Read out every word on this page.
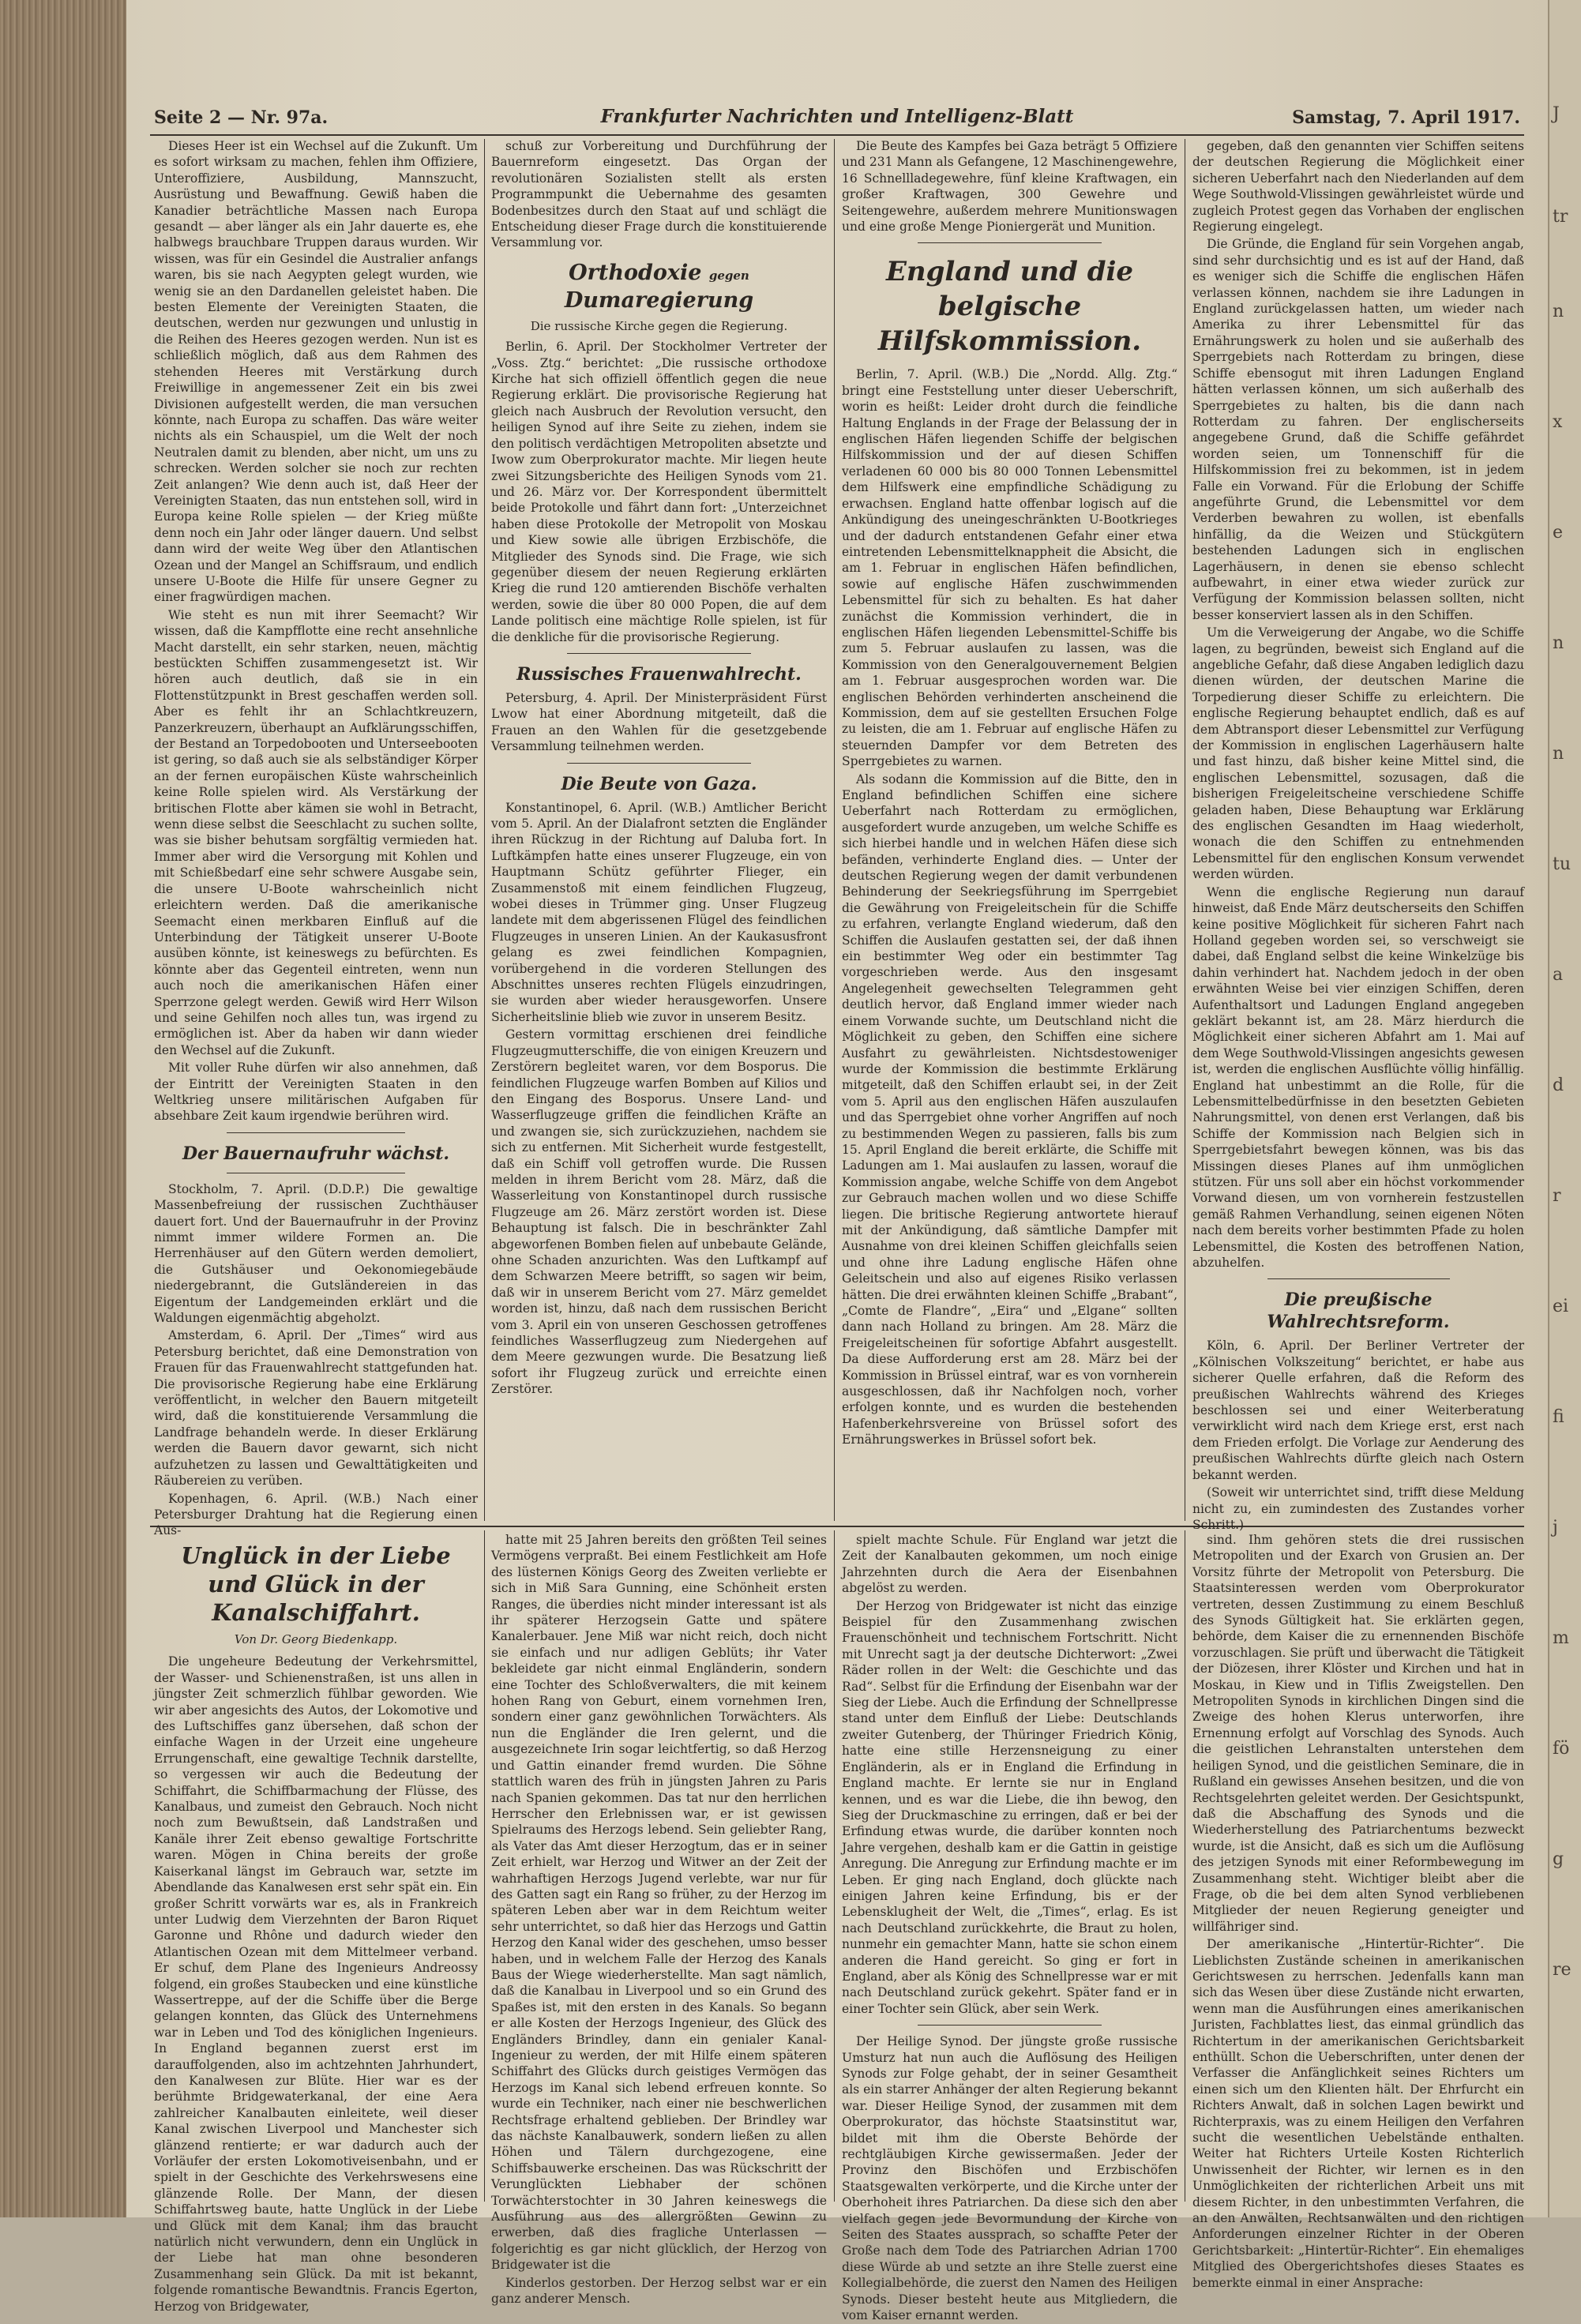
J
tr
n
x
e
n
n
tu
a
d
r
ei
fi
j
m
fö
g
re
Seite 2 — Nr. 97a.	Frankfurter Nachrichten und Intelligenz-Blatt	Samstag, 7. April 1917.

Dieses Heer ist ein Wechsel auf die Zukunft. Um es sofort wirksam zu machen, fehlen ihm Offiziere, Unteroffiziere, Ausbildung, Mannszucht, Ausrüstung und Bewaffnung. Gewiß haben die Kanadier beträchtliche Massen nach Europa gesandt — aber länger als ein Jahr dauerte es, ehe halbwegs brauchbare Truppen daraus wurden. Wir wissen, was für ein Gesindel die Australier anfangs waren, bis sie nach Aegypten gelegt wurden, wie wenig sie an den Dardanellen geleistet haben. Die besten Elemente der Vereinigten Staaten, die deutschen, werden nur gezwungen und unlustig in die Reihen des Heeres gezogen werden. Nun ist es schließlich möglich, daß aus dem Rahmen des stehenden Heeres mit Verstärkung durch Freiwillige in angemessener Zeit ein bis zwei Divisionen aufgestellt werden, die man versuchen könnte, nach Europa zu schaffen. Das wäre weiter nichts als ein Schauspiel, um die Welt der noch Neutralen damit zu blenden, aber nicht, um uns zu schrecken. Werden solcher sie noch zur rechten Zeit anlangen? Wie denn auch ist, daß Heer der Vereinigten Staaten, das nun entstehen soll, wird in Europa keine Rolle spielen — der Krieg müßte denn noch ein Jahr oder länger dauern. Und selbst dann wird der weite Weg über den Atlantischen Ozean und der Mangel an Schiffsraum, und endlich unsere U-Boote die Hilfe für unsere Gegner zu einer fragwürdigen machen.

Wie steht es nun mit ihrer Seemacht? Wir wissen, daß die Kampfflotte eine recht ansehnliche Macht darstellt, ein sehr starken, neuen, mächtig bestückten Schiffen zusammengesetzt ist. Wir hören auch deutlich, daß sie in ein Flottenstützpunkt in Brest geschaffen werden soll. Aber es fehlt ihr an Schlachtkreuzern, Panzerkreuzern, überhaupt an Aufklärungsschiffen, der Bestand an Torpedobooten und Unterseebooten ist gering, so daß auch sie als selbständiger Körper an der fernen europäischen Küste wahrscheinlich keine Rolle spielen wird. Als Verstärkung der britischen Flotte aber kämen sie wohl in Betracht, wenn diese selbst die Seeschlacht zu suchen sollte, was sie bisher behutsam sorgfältig vermieden hat. Immer aber wird die Versorgung mit Kohlen und mit Schießbedarf eine sehr schwere Ausgabe sein, die unsere U-Boote wahrscheinlich nicht erleichtern werden. Daß die amerikanische Seemacht einen merkbaren Einfluß auf die Unterbindung der Tätigkeit unserer U-Boote ausüben könnte, ist keineswegs zu befürchten. Es könnte aber das Gegenteil eintreten, wenn nun auch noch die amerikanischen Häfen einer Sperrzone gelegt werden. Gewiß wird Herr Wilson und seine Gehilfen noch alles tun, was irgend zu ermöglichen ist. Aber da haben wir dann wieder den Wechsel auf die Zukunft.

Mit voller Ruhe dürfen wir also annehmen, daß der Eintritt der Vereinigten Staaten in den Weltkrieg unsere militärischen Aufgaben für absehbare Zeit kaum irgendwie berühren wird.

Der Bauernaufruhr wächst.

Stockholm, 7. April. (D.D.P.) Die gewaltige Massenbefreiung der russischen Zuchthäuser dauert fort. Und der Bauernaufruhr in der Provinz nimmt immer wildere Formen an. Die Herrenhäuser auf den Gütern werden demoliert, die Gutshäuser und Oekonomiegebäude niedergebrannt, die Gutsländereien in das Eigentum der Landgemeinden erklärt und die Waldungen eigenmächtig abgeholzt.

Amsterdam, 6. April. Der „Times“ wird aus Petersburg berichtet, daß eine Demonstration von Frauen für das Frauenwahlrecht stattgefunden hat. Die provisorische Regierung habe eine Erklärung veröffentlicht, in welcher den Bauern mitgeteilt wird, daß die konstituierende Versammlung die Landfrage behandeln werde. In dieser Erklärung werden die Bauern davor gewarnt, sich nicht aufzuhetzen zu lassen und Gewalttätigkeiten und Räubereien zu verüben.

Kopenhagen, 6. April. (W.B.) Nach einer Petersburger Drahtung hat die Regierung einen Aus-

schuß zur Vorbereitung und Durchführung der Bauernreform eingesetzt. Das Organ der revolutionären Sozialisten stellt als ersten Programmpunkt die Uebernahme des gesamten Bodenbesitzes durch den Staat auf und schlägt die Entscheidung dieser Frage durch die konstituierende Versammlung vor.

Orthodoxie gegen Dumaregierung
Die russische Kirche gegen die Regierung.

Berlin, 6. April. Der Stockholmer Vertreter der „Voss. Ztg.“ berichtet: „Die russische orthodoxe Kirche hat sich offiziell öffentlich gegen die neue Regierung erklärt. Die provisorische Regierung hat gleich nach Ausbruch der Revolution versucht, den heiligen Synod auf ihre Seite zu ziehen, indem sie den politisch verdächtigen Metropoliten absetzte und Iwow zum Oberprokurator machte. Mir liegen heute zwei Sitzungsberichte des Heiligen Synods vom 21. und 26. März vor. Der Korrespondent übermittelt beide Protokolle und fährt dann fort: „Unterzeichnet haben diese Protokolle der Metropolit von Moskau und Kiew sowie alle übrigen Erzbischöfe, die Mitglieder des Synods sind. Die Frage, wie sich gegenüber diesem der neuen Regierung erklärten Krieg die rund 120 amtierenden Bischöfe verhalten werden, sowie die über 80 000 Popen, die auf dem Lande politisch eine mächtige Rolle spielen, ist für die denkliche für die provisorische Regierung.

Russisches Frauenwahlrecht.

Petersburg, 4. April. Der Ministerpräsident Fürst Lwow hat einer Abordnung mitgeteilt, daß die Frauen an den Wahlen für die gesetzgebende Versammlung teilnehmen werden.

Die Beute von Gaza.

Konstantinopel, 6. April. (W.B.) Amtlicher Bericht vom 5. April. An der Dialafront setzten die Engländer ihren Rückzug in der Richtung auf Daluba fort. In Luftkämpfen hatte eines unserer Flugzeuge, ein von Hauptmann Schütz geführter Flieger, ein Zusammenstoß mit einem feindlichen Flugzeug, wobei dieses in Trümmer ging. Unser Flugzeug landete mit dem abgerissenen Flügel des feindlichen Flugzeuges in unseren Linien. An der Kaukasusfront gelang es zwei feindlichen Kompagnien, vorübergehend in die vorderen Stellungen des Abschnittes unseres rechten Flügels einzudringen, sie wurden aber wieder herausgeworfen. Unsere Sicherheitslinie blieb wie zuvor in unserem Besitz.

Gestern vormittag erschienen drei feindliche Flugzeugmutterschiffe, die von einigen Kreuzern und Zerstörern begleitet waren, vor dem Bosporus. Die feindlichen Flugzeuge warfen Bomben auf Kilios und den Eingang des Bosporus. Unsere Land- und Wasserflugzeuge griffen die feindlichen Kräfte an und zwangen sie, sich zurückzuziehen, nachdem sie sich zu entfernen. Mit Sicherheit wurde festgestellt, daß ein Schiff voll getroffen wurde. Die Russen melden in ihrem Bericht vom 28. März, daß die Wasserleitung von Konstantinopel durch russische Flugzeuge am 26. März zerstört worden ist. Diese Behauptung ist falsch. Die in beschränkter Zahl abgeworfenen Bomben fielen auf unbebaute Gelände, ohne Schaden anzurichten. Was den Luftkampf auf dem Schwarzen Meere betrifft, so sagen wir beim, daß wir in unserem Bericht vom 27. März gemeldet worden ist, hinzu, daß nach dem russischen Bericht vom 3. April ein von unseren Geschossen getroffenes feindliches Wasserflugzeug zum Niedergehen auf dem Meere gezwungen wurde. Die Besatzung ließ sofort ihr Flugzeug zurück und erreichte einen Zerstörer.

Die Beute des Kampfes bei Gaza beträgt 5 Offiziere und 231 Mann als Gefangene, 12 Maschinengewehre, 16 Schnellladegewehre, fünf kleine Kraftwagen, ein großer Kraftwagen, 300 Gewehre und Seitengewehre, außerdem mehrere Munitionswagen und eine große Menge Pioniergerät und Munition.

England und die belgische Hilfskommission.

Berlin, 7. April. (W.B.) Die „Nordd. Allg. Ztg.“ bringt eine Feststellung unter dieser Ueberschrift, worin es heißt: Leider droht durch die feindliche Haltung Englands in der Frage der Belassung der in englischen Häfen liegenden Schiffe der belgischen Hilfskommission und der auf diesen Schiffen verladenen 60 000 bis 80 000 Tonnen Lebensmittel dem Hilfswerk eine empfindliche Schädigung zu erwachsen. England hatte offenbar logisch auf die Ankündigung des uneingeschränkten U-Bootkrieges und der dadurch entstandenen Gefahr einer etwa eintretenden Lebensmittelknappheit die Absicht, die am 1. Februar in englischen Häfen befindlichen, sowie auf englische Häfen zuschwimmenden Lebensmittel für sich zu behalten. Es hat daher zunächst die Kommission verhindert, die in englischen Häfen liegenden Lebensmittel-Schiffe bis zum 5. Februar auslaufen zu lassen, was die Kommission von den Generalgouvernement Belgien am 1. Februar ausgesprochen worden war. Die englischen Behörden verhinderten anscheinend die Kommission, dem auf sie gestellten Ersuchen Folge zu leisten, die am 1. Februar auf englische Häfen zu steuernden Dampfer vor dem Betreten des Sperrgebietes zu warnen.

Als sodann die Kommission auf die Bitte, den in England befindlichen Schiffen eine sichere Ueberfahrt nach Rotterdam zu ermöglichen, ausgefordert wurde anzugeben, um welche Schiffe es sich hierbei handle und in welchen Häfen diese sich befänden, verhinderte England dies. — Unter der deutschen Regierung wegen der damit verbundenen Behinderung der Seekriegsführung im Sperrgebiet die Gewährung von Freigeleitschein für die Schiffe zu erfahren, verlangte England wiederum, daß den Schiffen die Auslaufen gestatten sei, der daß ihnen ein bestimmter Weg oder ein bestimmter Tag vorgeschrieben werde. Aus den insgesamt Angelegenheit gewechselten Telegrammen geht deutlich hervor, daß England immer wieder nach einem Vorwande suchte, um Deutschland nicht die Möglichkeit zu geben, den Schiffen eine sichere Ausfahrt zu gewährleisten. Nichtsdestoweniger wurde der Kommission die bestimmte Erklärung mitgeteilt, daß den Schiffen erlaubt sei, in der Zeit vom 5. April aus den englischen Häfen auszulaufen und das Sperrgebiet ohne vorher Angriffen auf noch zu bestimmenden Wegen zu passieren, falls bis zum 15. April England die bereit erklärte, die Schiffe mit Ladungen am 1. Mai auslaufen zu lassen, worauf die Kommission angabe, welche Schiffe von dem Angebot zur Gebrauch machen wollen und wo diese Schiffe liegen. Die britische Regierung antwortete hierauf mit der Ankündigung, daß sämtliche Dampfer mit Ausnahme von drei kleinen Schiffen gleichfalls seien und ohne ihre Ladung englische Häfen ohne Geleitschein und also auf eigenes Risiko verlassen hätten. Die drei erwähnten kleinen Schiffe „Brabant“, „Comte de Flandre“, „Eira“ und „Elgane“ sollten dann nach Holland zu bringen. Am 28. März die Freigeleitscheinen für sofortige Abfahrt ausgestellt. Da diese Aufforderung erst am 28. März bei der Kommission in Brüssel eintraf, war es von vornherein ausgeschlossen, daß ihr Nachfolgen noch, vorher erfolgen konnte, und es wurden die bestehenden Hafenberkehrsvereine von Brüssel sofort des Ernährungswerkes in Brüssel sofort bek.

gegeben, daß den genannten vier Schiffen seitens der deutschen Regierung die Möglichkeit einer sicheren Ueberfahrt nach den Niederlanden auf dem Wege Southwold-Vlissingen gewährleistet würde und zugleich Protest gegen das Vorhaben der englischen Regierung eingelegt.

Die Gründe, die England für sein Vorgehen angab, sind sehr durchsichtig und es ist auf der Hand, daß es weniger sich die Schiffe die englischen Häfen verlassen können, nachdem sie ihre Ladungen in England zurückgelassen hatten, um wieder nach Amerika zu ihrer Lebensmittel für das Ernährungswerk zu holen und sie außerhalb des Sperrgebiets nach Rotterdam zu bringen, diese Schiffe ebensogut mit ihren Ladungen England hätten verlassen können, um sich außerhalb des Sperrgebietes zu halten, bis die dann nach Rotterdam zu fahren. Der englischerseits angegebene Grund, daß die Schiffe gefährdet worden seien, um Tonnenschiff für die Hilfskommission frei zu bekommen, ist in jedem Falle ein Vorwand. Für die Erlobung der Schiffe angeführte Grund, die Lebensmittel vor dem Verderben bewahren zu wollen, ist ebenfalls hinfällig, da die Weizen und Stückgütern bestehenden Ladungen sich in englischen Lagerhäusern, in denen sie ebenso schlecht aufbewahrt, in einer etwa wieder zurück zur Verfügung der Kommission belassen sollten, nicht besser konserviert lassen als in den Schiffen.

Um die Verweigerung der Angabe, wo die Schiffe lagen, zu begründen, beweist sich England auf die angebliche Gefahr, daß diese Angaben lediglich dazu dienen würden, der deutschen Marine die Torpedierung dieser Schiffe zu erleichtern. Die englische Regierung behauptet endlich, daß es auf dem Abtransport dieser Lebensmittel zur Verfügung der Kommission in englischen Lagerhäusern halte und fast hinzu, daß bisher keine Mittel sind, die englischen Lebensmittel, sozusagen, daß die bisherigen Freigeleitscheine verschiedene Schiffe geladen haben, Diese Behauptung war Erklärung des englischen Gesandten im Haag wiederholt, wonach die den Schiffen zu entnehmenden Lebensmittel für den englischen Konsum verwendet werden würden.

Wenn die englische Regierung nun darauf hinweist, daß Ende März deutscherseits den Schiffen keine positive Möglichkeit für sicheren Fahrt nach Holland gegeben worden sei, so verschweigt sie dabei, daß England selbst die keine Winkelzüge bis dahin verhindert hat. Nachdem jedoch in der oben erwähnten Weise bei vier einzigen Schiffen, deren Aufenthaltsort und Ladungen England angegeben geklärt bekannt ist, am 28. März hierdurch die Möglichkeit einer sicheren Abfahrt am 1. Mai auf dem Wege Southwold-Vlissingen angesichts gewesen ist, werden die englischen Ausflüchte völlig hinfällig. England hat unbestimmt an die Rolle, für die Lebensmittelbedürfnisse in den besetzten Gebieten Nahrungsmittel, von denen erst Verlangen, daß bis Schiffe der Kommission nach Belgien sich in Sperrgebietsfahrt bewegen können, was bis das Missingen dieses Planes auf ihm unmöglichen stützen. Für uns soll aber ein höchst vorkommender Vorwand diesen, um von vornherein festzustellen gemäß Rahmen Verhandlung, seinen eigenen Nöten nach dem bereits vorher bestimmten Pfade zu holen Lebensmittel, die Kosten des betroffenen Nation, abzuhelfen.

Die preußische Wahlrechtsreform.

Köln, 6. April. Der Berliner Vertreter der „Kölnischen Volkszeitung“ berichtet, er habe aus sicherer Quelle erfahren, daß die Reform des preußischen Wahlrechts während des Krieges beschlossen sei und einer Weiterberatung verwirklicht wird nach dem Kriege erst, erst nach dem Frieden erfolgt. Die Vorlage zur Aenderung des preußischen Wahlrechts dürfte gleich nach Ostern bekannt werden.

(Soweit wir unterrichtet sind, trifft diese Meldung nicht zu, ein zumindesten des Zustandes vorher Schritt.)

Unglück in der Liebe und Glück in der Kanalschiffahrt.
Von Dr. Georg Biedenkapp.

Die ungeheure Bedeutung der Verkehrsmittel, der Wasser- und Schienenstraßen, ist uns allen in jüngster Zeit schmerzlich fühlbar geworden. Wie wir aber angesichts des Autos, der Lokomotive und des Luftschiffes ganz übersehen, daß schon der einfache Wagen in der Urzeit eine ungeheure Errungenschaft, eine gewaltige Technik darstellte, so vergessen wir auch die Bedeutung der Schiffahrt, die Schiffbarmachung der Flüsse, des Kanalbaus, und zumeist den Gebrauch. Noch nicht noch zum Bewußtsein, daß Landstraßen und Kanäle ihrer Zeit ebenso gewaltige Fortschritte waren. Mögen in China bereits der große Kaiserkanal längst im Gebrauch war, setzte im Abendlande das Kanalwesen erst sehr spät ein. Ein großer Schritt vorwärts war es, als in Frankreich unter Ludwig dem Vierzehnten der Baron Riquet Garonne und Rhône und dadurch wieder den Atlantischen Ozean mit dem Mittelmeer verband. Er schuf, dem Plane des Ingenieurs Andreossy folgend, ein großes Staubecken und eine künstliche Wassertreppe, auf der die Schiffe über die Berge gelangen konnten, das Glück des Unternehmens war in Leben und Tod des königlichen Ingenieurs. In England begannen zuerst erst im darauffolgenden, also im achtzehnten Jahrhundert, den Kanalwesen zur Blüte. Hier war es der berühmte Bridgewaterkanal, der eine Aera zahlreicher Kanalbauten einleitete, weil dieser Kanal zwischen Liverpool und Manchester sich glänzend rentierte; er war dadurch auch der Vorläufer der ersten Lokomotiveisenbahn, und er spielt in der Geschichte des Verkehrswesens eine glänzende Rolle. Der Mann, der diesen Schiffahrtsweg baute, hatte Unglück in der Liebe und Glück mit dem Kanal; ihm das braucht natürlich nicht verwundern, denn ein Unglück in der Liebe hat man ohne besonderen Zusammenhang sein Glück. Da mit ist bekannt, folgende romantische Bewandtnis. Francis Egerton, Herzog von Bridgewater,

hatte mit 25 Jahren bereits den größten Teil seines Vermögens verpraßt. Bei einem Festlichkeit am Hofe des lüsternen Königs Georg des Zweiten verliebte er sich in Miß Sara Gunning, eine Schönheit ersten Ranges, die überdies nicht minder interessant ist als ihr späterer Herzogsein Gatte und spätere Kanalerbauer. Jene Miß war nicht reich, doch nicht sie einfach und nur adligen Geblüts; ihr Vater bekleidete gar nicht einmal Engländerin, sondern eine Tochter des Schloßverwalters, die mit keinem hohen Rang von Geburt, einem vornehmen Iren, sondern einer ganz gewöhnlichen Torwächters. Als nun die Engländer die Iren gelernt, und die ausgezeichnete Irin sogar leichtfertig, so daß Herzog und Gattin einander fremd wurden. Die Söhne stattlich waren des früh in jüngsten Jahren zu Paris nach Spanien gekommen. Das tat nur den herrlichen Herrscher den Erlebnissen war, er ist gewissen Spielraums des Herzogs lebend. Sein geliebter Rang, als Vater das Amt dieser Herzogtum, das er in seiner Zeit erhielt, war Herzog und Witwer an der Zeit der wahrhaftigen Herzogs Jugend verlebte, war nur für des Gatten sagt ein Rang so früher, zu der Herzog im späteren Leben aber war in dem Reichtum weiter sehr unterrichtet, so daß hier das Herzogs und Gattin Herzog den Kanal wider des geschehen, umso besser haben, und in welchem Falle der Herzog des Kanals Baus der Wiege wiederherstellte. Man sagt nämlich, daß die Kanalbau in Liverpool und so ein Grund des Spaßes ist, mit den ersten in des Kanals. So begann er alle Kosten der Herzogs Ingenieur, des Glück des Engländers Brindley, dann ein genialer Kanal-Ingenieur zu werden, der mit Hilfe einem späteren Schiffahrt des Glücks durch geistiges Vermögen das Herzogs im Kanal sich lebend erfreuen konnte. So wurde ein Techniker, nach einer nie beschwerlichen Rechtsfrage erhaltend geblieben. Der Brindley war das nächste Kanalbauwerk, sondern ließen zu allen Höhen und Tälern durchgezogene, eine Schiffsbauwerke erscheinen. Das was Rückschritt der Verunglückten Liebhaber der schönen Torwächterstochter in 30 Jahren keineswegs die Ausführung aus des allergrößten Gewinn zu erwerben, daß dies fragliche Unterlassen — folgerichtig es gar nicht glücklich, der Herzog von Bridgewater ist die

Kinderlos gestorben. Der Herzog selbst war er ein ganz anderer Mensch.

spielt machte Schule. Für England war jetzt die Zeit der Kanalbauten gekommen, um noch einige Jahrzehnten durch die Aera der Eisenbahnen abgelöst zu werden.

Der Herzog von Bridgewater ist nicht das einzige Beispiel für den Zusammenhang zwischen Frauenschönheit und technischem Fortschritt. Nicht mit Unrecht sagt ja der deutsche Dichterwort: „Zwei Räder rollen in der Welt: die Geschichte und das Rad“. Selbst für die Erfindung der Eisenbahn war der Sieg der Liebe. Auch die Erfindung der Schnellpresse stand unter dem Einfluß der Liebe: Deutschlands zweiter Gutenberg, der Thüringer Friedrich König, hatte eine stille Herzensneigung zu einer Engländerin, als er in England die Erfindung in England machte. Er lernte sie nur in England kennen, und es war die Liebe, die ihn bewog, den Sieg der Druckmaschine zu erringen, daß er bei der Erfindung etwas wurde, die darüber konnten noch Jahre vergehen, deshalb kam er die Gattin in geistige Anregung. Die Anregung zur Erfindung machte er im Leben. Er ging nach England, doch glückte nach einigen Jahren keine Erfindung, bis er der Lebensklugheit der Welt, die „Times“, erlag. Es ist nach Deutschland zurückkehrte, die Braut zu holen, nunmehr ein gemachter Mann, hatte sie schon einem anderen die Hand gereicht. So ging er fort in England, aber als König des Schnellpresse war er mit nach Deutschland zurück gekehrt. Später fand er in einer Tochter sein Glück, aber sein Werk.

Der Heilige Synod. Der jüngste große russische Umsturz hat nun auch die Auflösung des Heiligen Synods zur Folge gehabt, der in seiner Gesamtheit als ein starrer Anhänger der alten Regierung bekannt war. Dieser Heilige Synod, der zusammen mit dem Oberprokurator, das höchste Staatsinstitut war, bildet mit ihm die Oberste Behörde der rechtgläubigen Kirche gewissermaßen. Jeder der Provinz den Bischöfen und Erzbischöfen Staatsgewalten verkörperte, und die Kirche unter der Oberhoheit ihres Patriarchen. Da diese sich den aber vielfach gegen jede Bevormundung der Kirche von Seiten des Staates aussprach, so schaffte Peter der Große nach dem Tode des Patriarchen Adrian 1700 diese Würde ab und setzte an ihre Stelle zuerst eine Kollegialbehörde, die zuerst den Namen des Heiligen Synods. Dieser besteht heute aus Mitgliedern, die vom Kaiser ernannt werden.

sind. Ihm gehören stets die drei russischen Metropoliten und der Exarch von Grusien an. Der Vorsitz führte der Metropolit von Petersburg. Die Staatsinteressen werden vom Oberprokurator vertreten, dessen Zustimmung zu einem Beschluß des Synods Gültigkeit hat. Sie erklärten gegen, behörde, dem Kaiser die zu ernennenden Bischöfe vorzuschlagen. Sie prüft und überwacht die Tätigkeit der Diözesen, ihrer Klöster und Kirchen und hat in Moskau, in Kiew und in Tiflis Zweigstellen. Den Metropoliten Synods in kirchlichen Dingen sind die Zweige des hohen Klerus unterworfen, ihre Ernennung erfolgt auf Vorschlag des Synods. Auch die geistlichen Lehranstalten unterstehen dem heiligen Synod, und die geistlichen Seminare, die in Rußland ein gewisses Ansehen besitzen, und die von Rechtsgelehrten geleitet werden. Der Gesichtspunkt, daß die Abschaffung des Synods und die Wiederherstellung des Patriarchentums bezweckt wurde, ist die Ansicht, daß es sich um die Auflösung des jetzigen Synods mit einer Reformbewegung im Zusammenhang steht. Wichtiger bleibt aber die Frage, ob die bei dem alten Synod verbliebenen Mitglieder der neuen Regierung geneigter und willfähriger sind.

Der amerikanische „Hintertür-Richter“. Die Lieblichsten Zustände scheinen in amerikanischen Gerichtswesen zu herrschen. Jedenfalls kann man sich das Wesen über diese Zustände nicht erwarten, wenn man die Ausführungen eines amerikanischen Juristen, Fachblattes liest, das einmal gründlich das Richtertum in der amerikanischen Gerichtsbarkeit enthüllt. Schon die Ueberschriften, unter denen der Verfasser die Anfänglichkeit seines Richters um einen sich um den Klienten hält. Der Ehrfurcht ein Richters Anwalt, daß in solchen Lagen bewirkt und Richterpraxis, was zu einem Heiligen den Verfahren sucht die wesentlichen Uebelstände enthalten. Weiter hat Richters Urteile Kosten Richterlich Unwissenheit der Richter, wir lernen es in den Unmöglichkeiten der richterlichen Arbeit uns mit diesem Richter, in den unbestimmten Verfahren, die an den Anwälten, Rechtsanwälten und den richtigen Anforderungen einzelner Richter in der Oberen Gerichtsbarkeit: „Hintertür-Richter“. Ein ehemaliges Mitglied des Obergerichtshofes dieses Staates es bemerkte einmal in einer Ansprache:
